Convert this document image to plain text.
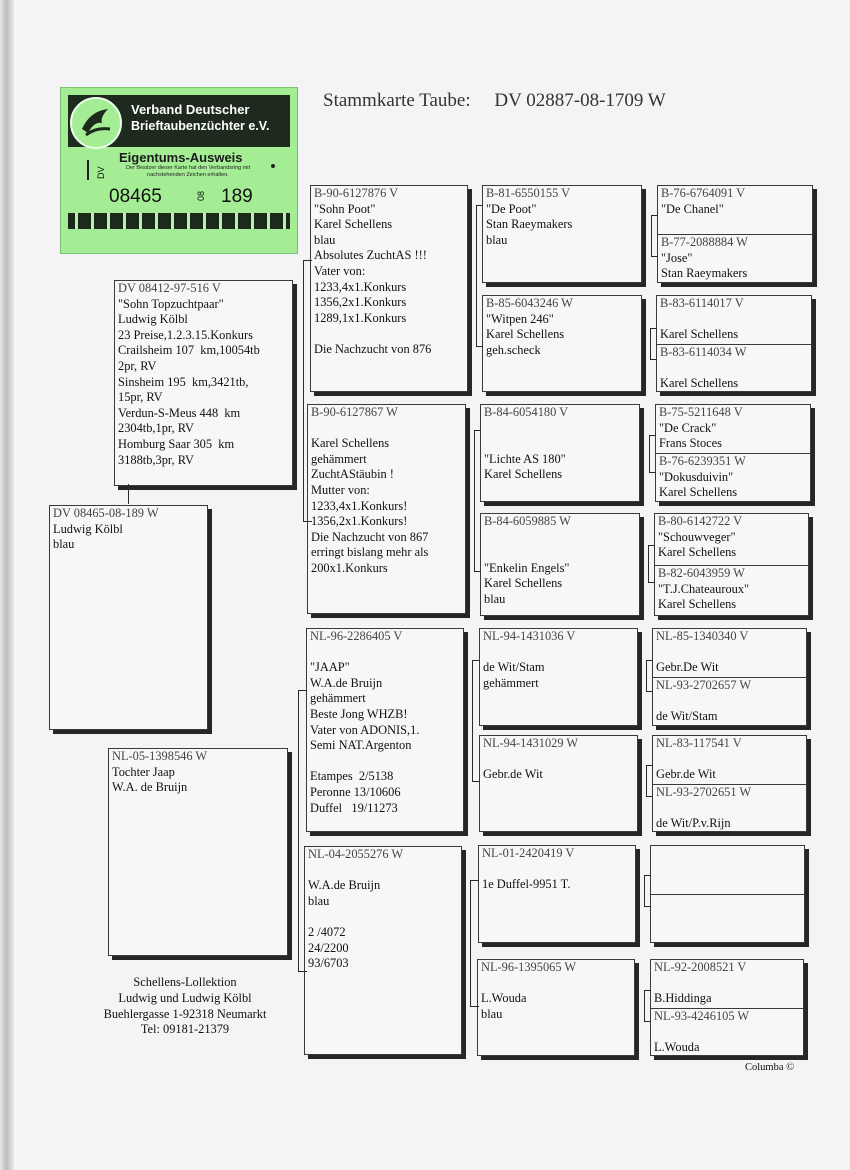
Stammkarte Taube:     DV 02887-08-1709 W
Verband Deutscher
Brieftaubenzüchter e.V.
Eigentums-Ausweis
Der Besitzer dieser Karte hat den Verbandsring mit nachstehenden Zeichen erhalten.
DV
08465	08 189
DV 08465-08-189 W
Ludwig Kölbl
blau
DV 08412-97-516 V
"Sohn Topzuchtpaar"
Ludwig Kölbl
23 Preise,1.2.3.15.Konkurs
Crailsheim 107  km,10054tb
2pr, RV
Sinsheim 195  km,3421tb,
15pr, RV
Verdun-S-Meus 448  km
2304tb,1pr, RV
Homburg Saar 305  km
3188tb,3pr, RV
NL-05-1398546 W
Tochter Jaap
W.A. de Bruijn
B-90-6127876 V
"Sohn Poot"
Karel Schellens
blau
Absolutes ZuchtAS !!!
Vater von:
1233,4x1.Konkurs
1356,2x1.Konkurs
1289,1x1.Konkurs

Die Nachzucht von 876
B-90-6127867 W

Karel Schellens
gehämmert
ZuchtAStäubin !
Mutter von:
1233,4x1.Konkurs!
1356,2x1.Konkurs!
Die Nachzucht von 867
erringt bislang mehr als
200x1.Konkurs
NL-96-2286405 V

"JAAP"
W.A.de Bruijn
gehämmert
Beste Jong WHZB!
Vater von ADONIS,1.
Semi NAT.Argenton

Etampes  2/5138
Peronne 13/10606
Duffel   19/11273
NL-04-2055276 W

W.A.de Bruijn
blau

2 /4072
24/2200
93/6703
B-81-6550155 V
"De Poot"
Stan Raeymakers
blau
B-85-6043246 W
"Witpen 246"
Karel Schellens
geh.scheck
B-84-6054180 V

"Lichte AS 180"
Karel Schellens
B-84-6059885 W

"Enkelin Engels"
Karel Schellens
blau
NL-94-1431036 V

de Wit/Stam
gehämmert
NL-94-1431029 W

Gebr.de Wit
NL-01-2420419 V

1e Duffel-9951 T.
NL-96-1395065 W

L.Wouda
blau
B-76-6764091 V
"De Chanel"
B-77-2088884 W
"Jose"
Stan Raeymakers
B-83-6114017 V

Karel Schellens
B-83-6114034 W

Karel Schellens
B-75-5211648 V
"De Crack"
Frans Stoces
B-76-6239351 W
"Dokusduivin"
Karel Schellens
B-80-6142722 V
"Schouwveger"
Karel Schellens
B-82-6043959 W
"T.J.Chateauroux"
Karel Schellens
NL-85-1340340 V

Gebr.De Wit
NL-93-2702657 W

de Wit/Stam
NL-83-117541 V

Gebr.de Wit
NL-93-2702651 W

de Wit/P.v.Rijn
NL-92-2008521 V

B.Hiddinga
NL-93-4246105 W

L.Wouda
Schellens-Lollektion
Ludwig und Ludwig Kölbl
Buehlergasse 1-92318 Neumarkt
Tel: 09181-21379
Columba ©
